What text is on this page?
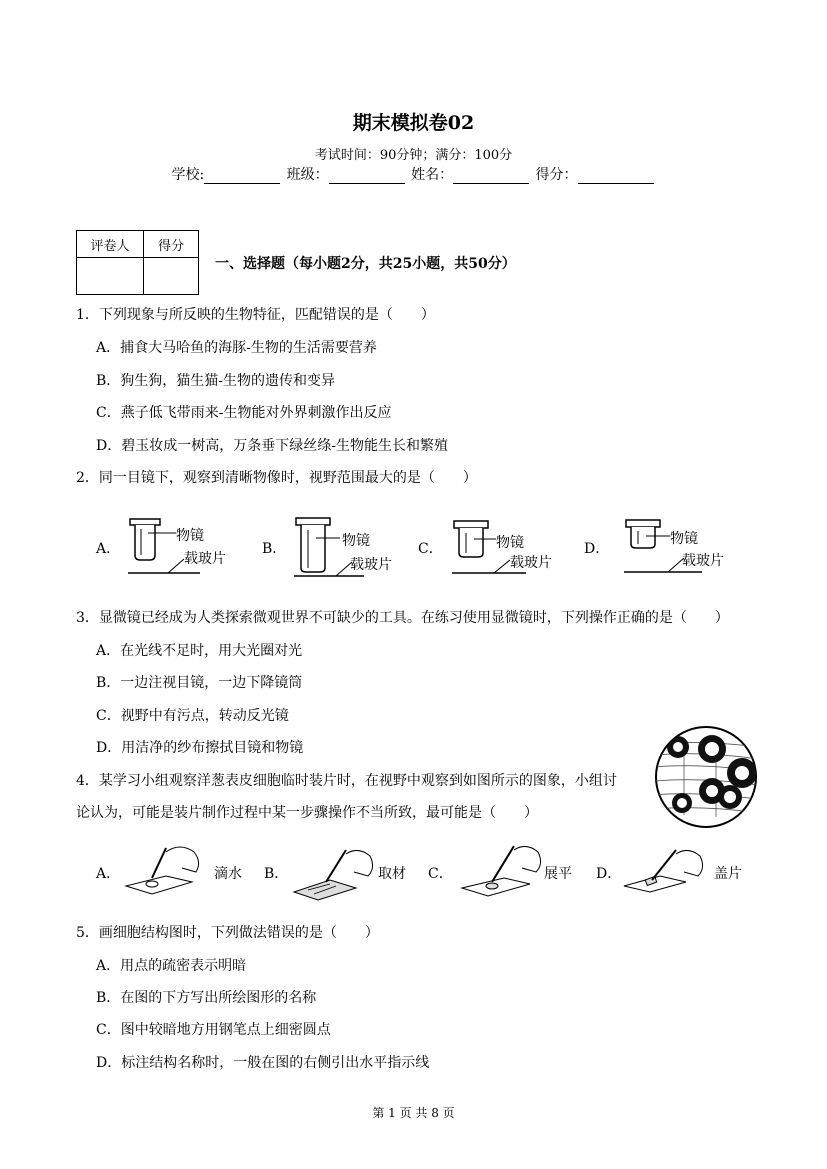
期末模拟卷02
考试时间：90分钟；满分：100分
学校:	班级：	姓名：	得分：
评卷人	得分

一、选择题（每小题2分，共25小题，共50分）
1．下列现象与所反映的生物特征，匹配错误的是（　　）
A．捕食大马哈鱼的海豚-生物的生活需要营养
B．狗生狗，猫生猫-生物的遗传和变异
C．燕子低飞带雨来-生物能对外界刺激作出反应
D．碧玉妆成一树高，万条垂下绿丝绦-生物能生长和繁殖
2．同一目镜下，观察到清晰物像时，视野范围最大的是（　　）
A．
物镜
载玻片
B．	物镜
载玻片
C．	物镜
载玻片
D．
物镜
载玻片
3．显微镜已经成为人类探索微观世界不可缺少的工具。在练习使用显微镜时，下列操作正确的是（　　）
A．在光线不足时，用大光圈对光
B．一边注视目镜，一边下降镜筒
C．视野中有污点，转动反光镜
D．用洁净的纱布擦拭目镜和物镜
4．某学习小组观察洋葱表皮细胞临时装片时，在视野中观察到如图所示的图象，小组讨
论认为，可能是装片制作过程中某一步骤操作不当所致，最可能是（　　）
A．	滴水 B．	取材 C．	展平 D．	盖片
5．画细胞结构图时，下列做法错误的是（　　）
A．用点的疏密表示明暗
B．在图的下方写出所绘图形的名称
C．图中较暗地方用钢笔点上细密圆点
D．标注结构名称时，一般在图的右侧引出水平指示线
第 1 页 共 8 页
